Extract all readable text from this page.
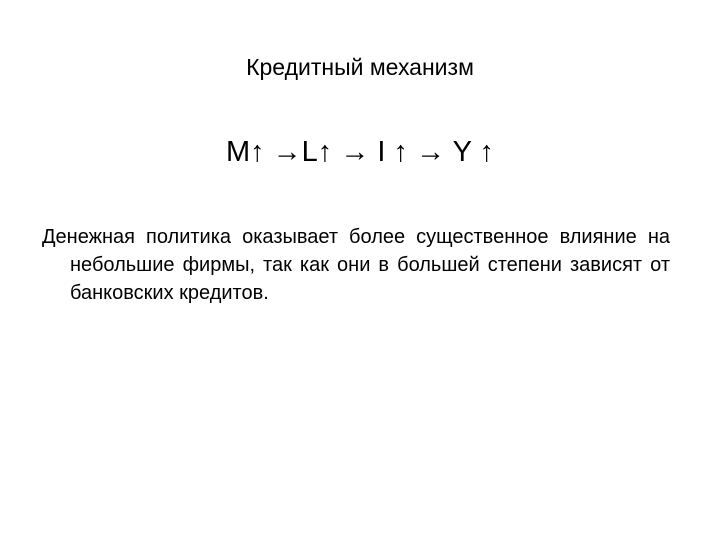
Кредитный механизм
M↑ →L↑ → I ↑ → Y ↑

Денежная политика оказывает более существенное влияние на небольшие фирмы, так как они в большей степени зависят от банковских кредитов.
